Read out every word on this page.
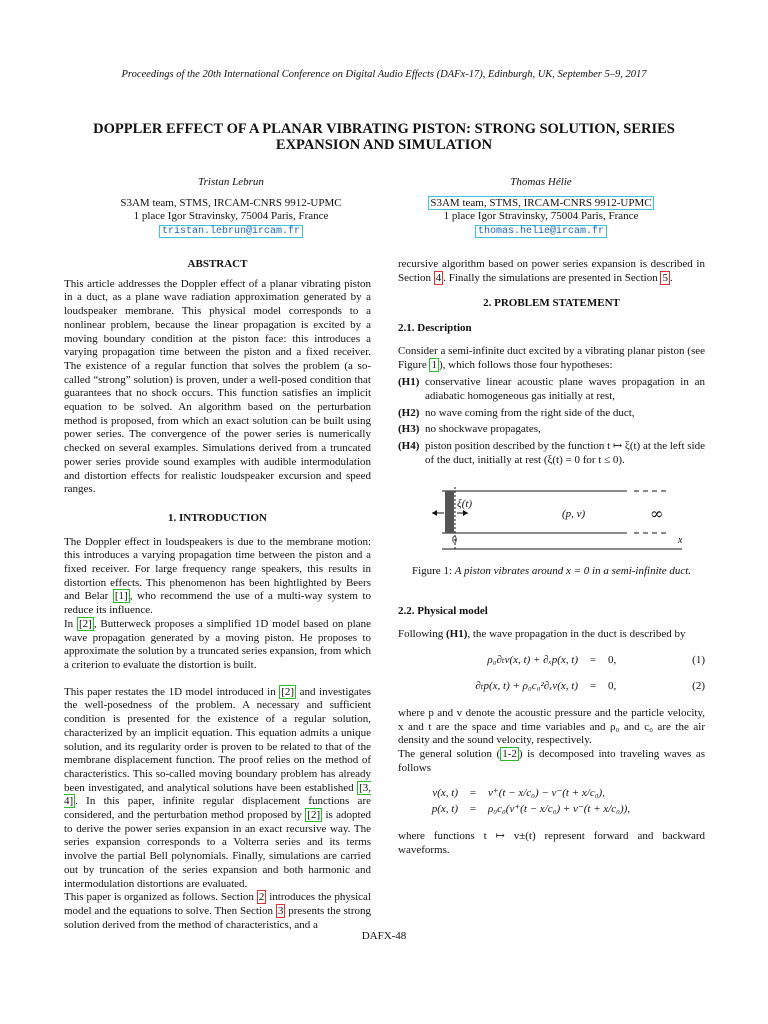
Proceedings of the 20th International Conference on Digital Audio Effects (DAFx-17), Edinburgh, UK, September 5–9, 2017
DOPPLER EFFECT OF A PLANAR VIBRATING PISTON: STRONG SOLUTION, SERIES
EXPANSION AND SIMULATION
Tristan Lebrun
S3AM team, STMS, IRCAM-CNRS 9912-UPMC
1 place Igor Stravinsky, 75004 Paris, France
tristan.lebrun@ircam.fr
Thomas Hélie
S3AM team, STMS, IRCAM-CNRS 9912-UPMC
1 place Igor Stravinsky, 75004 Paris, France
thomas.helie@ircam.fr
ABSTRACT

This article addresses the Doppler effect of a planar vibrating piston in a duct, as a plane wave radiation approximation generated by a loudspeaker membrane. This physical model corresponds to a nonlinear problem, because the linear propagation is excited by a moving boundary condition at the piston face: this introduces a varying propagation time between the piston and a fixed receiver. The existence of a regular function that solves the problem (a so-called “strong” solution) is proven, under a well-posed condition that guarantees that no shock occurs. This function satisfies an implicit equation to be solved. An algorithm based on the perturbation method is proposed, from which an exact solution can be built using power series. The convergence of the power series is numerically checked on several examples. Simulations derived from a truncated power series provide sound examples with audible intermodulation and distortion effects for realistic loudspeaker excursion and speed ranges.

1. INTRODUCTION

The Doppler effect in loudspeakers is due to the membrane motion: this introduces a varying propagation time between the piston and a fixed receiver. For large frequency range speakers, this results in distortion effects. This phenomenon has been hightlighted by Beers and Belar [1] , who recommend the use of a multi-way system to reduce its influence.

In [2] , Butterweck proposes a simplified 1D model based on plane wave propagation generated by a moving piston. He proposes to approximate the solution by a truncated series expansion, from which a criterion to evaluate the distortion is built.

This paper restates the 1D model introduced in [2] and investigates the well-posedness of the problem. A necessary and sufficient condition is presented for the existence of a regular solution, characterized by an implicit equation. This equation admits a unique solution, and its regularity order is proven to be related to that of the membrane displacement function. The proof relies on the method of characteristics. This so-called moving boundary problem has already been investigated, and analytical solutions have been established [3, 4] . In this paper, infinite regular displacement functions are considered, and the perturbation method proposed by [2] is adopted to derive the power series expansion in an exact recursive way. The series expansion corresponds to a Volterra series and its terms involve the partial Bell polynomials. Finally, simulations are carried out by truncation of the series expansion and both harmonic and intermodulation distortions are evaluated.

This paper is organized as follows. Section 2 introduces the physical model and the equations to solve. Then Section 3 presents the strong solution derived from the method of characteristics, and a

recursive algorithm based on power series expansion is described in Section 4 . Finally the simulations are presented in Section 5 .

2. PROBLEM STATEMENT
2.1. Description

Consider a semi-infinite duct excited by a vibrating planar piston (see Figure 1 ), which follows those four hypotheses:

(H1) conservative linear acoustic plane waves propagation in an adiabatic homogeneous gas initially at rest,
(H2) no wave coming from the right side of the duct,
(H3) no shockwave propagates,
(H4) piston position described by the function t ↦ ξ(t) at the left side of the duct, initially at rest (ξ(t) = 0 for t ≤ 0).
ξ(t)
(p, v)	∞
0	x

Figure 1: A piston vibrates around x = 0 in a semi-infinite duct.

2.2. Physical model

Following (H1), the wave propagation in the duct is described by

ρ₀∂ₜv(x, t) + ∂ₓp(x, t)	=	0,	(1)
∂ₜp(x, t) + ρ₀c₀²∂ₓv(x, t)	=	0,	(2)

where p and v denote the acoustic pressure and the particle velocity, x and t are the space and time variables and ρ₀ and c₀ are the air density and the sound velocity, respectively.

The general solution ( 1-2 ) is decomposed into traveling waves as follows

v(x, t)	=	v⁺(t − x/c₀) − v⁻(t + x/c₀),
p(x, t)	=	ρ₀c₀(v⁺(t − x/c₀) + v⁻(t + x/c₀)),

where functions t ↦ v±(t) represent forward and backward waveforms.

DAFX-48
